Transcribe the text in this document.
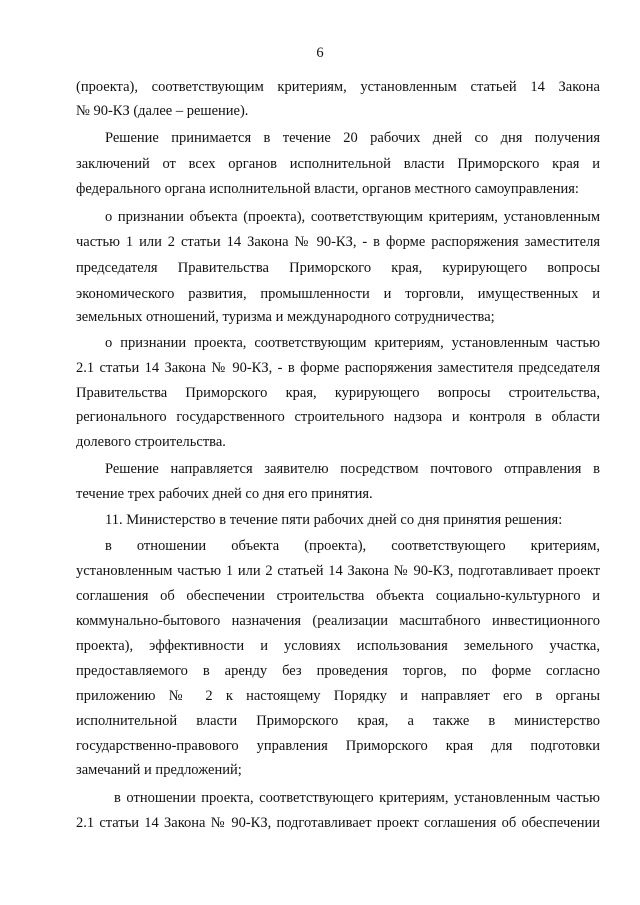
6
(проекта), соответствующим критериям, установленным статьей 14 Закона
№ 90-КЗ (далее – решение).
Решение принимается в течение 20 рабочих дней со дня получения
заключений от всех органов исполнительной власти Приморского края и
федерального органа исполнительной власти, органов местного самоуправления:
о признании объекта (проекта), соответствующим критериям, установленным
частью 1 или 2 статьи 14 Закона № 90-КЗ, - в форме распоряжения заместителя
председателя Правительства Приморского края, курирующего вопросы
экономического развития, промышленности и торговли, имущественных и
земельных отношений, туризма и международного сотрудничества;
о признании проекта, соответствующим критериям, установленным частью
2.1 статьи 14 Закона № 90-КЗ, - в форме распоряжения заместителя председателя
Правительства Приморского края, курирующего вопросы строительства,
регионального государственного строительного надзора и контроля в области
долевого строительства.
Решение направляется заявителю посредством почтового отправления в
течение трех рабочих дней со дня его принятия.
11. Министерство в течение пяти рабочих дней со дня принятия решения:
в отношении объекта (проекта), соответствующего критериям,
установленным частью 1 или 2 статьей 14 Закона № 90-КЗ, подготавливает проект
соглашения об обеспечении строительства объекта социально-культурного и
коммунально-бытового назначения (реализации масштабного инвестиционного
проекта), эффективности и условиях использования земельного участка,
предоставляемого в аренду без проведения торгов, по форме согласно
приложению № 2 к настоящему Порядку и направляет его в органы
исполнительной власти Приморского края, а также в министерство
государственно-правового управления Приморского края для подготовки
замечаний и предложений;
в отношении проекта, соответствующего критериям, установленным частью
2.1 статьи 14 Закона № 90-КЗ, подготавливает проект соглашения об обеспечении
